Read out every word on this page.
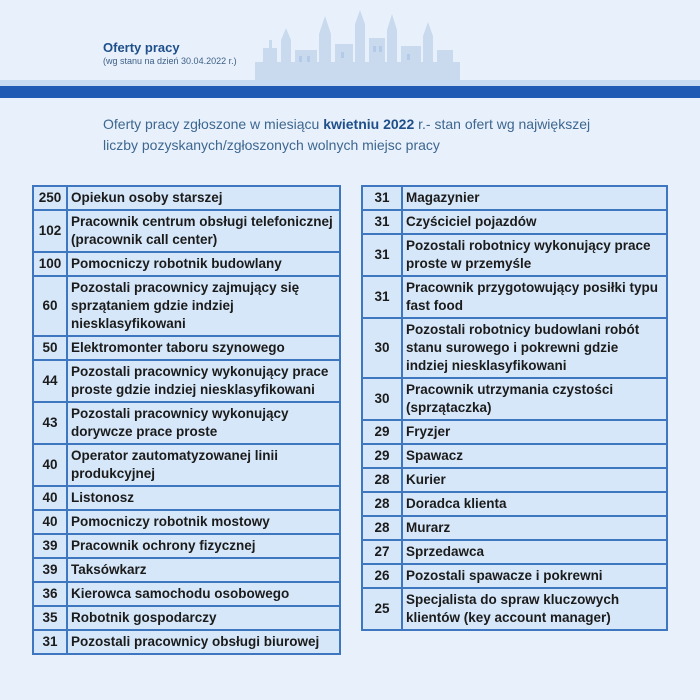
Oferty pracy
(wg stanu na dzień 30.04.2022 r.)
Oferty pracy zgłoszone w miesiącu kwietniu 2022 r.- stan ofert wg największej liczby pozyskanych/zgłoszonych wolnych miejsc pracy
250	Opiekun osoby starszej
102	Pracownik centrum obsługi telefonicznej (pracownik call center)
100	Pomocniczy robotnik budowlany
60	Pozostali pracownicy zajmujący się sprzątaniem gdzie indziej niesklasyfikowani
50	Elektromonter taboru szynowego
44	Pozostali pracownicy wykonujący prace proste gdzie indziej niesklasyfikowani
43	Pozostali pracownicy wykonujący dorywcze prace proste
40	Operator zautomatyzowanej linii produkcyjnej
40	Listonosz
40	Pomocniczy robotnik mostowy
39	Pracownik ochrony fizycznej
39	Taksówkarz
36	Kierowca samochodu osobowego
35	Robotnik gospodarczy
31	Pozostali pracownicy obsługi biurowej
31	Magazynier
31	Czyściciel pojazdów
31	Pozostali robotnicy wykonujący prace proste w przemyśle
31	Pracownik przygotowujący posiłki typu fast food
30	Pozostali robotnicy budowlani robót stanu surowego i pokrewni gdzie indziej niesklasyfikowani
30	Pracownik utrzymania czystości (sprzątaczka)
29	Fryzjer
29	Spawacz
28	Kurier
28	Doradca klienta
28	Murarz
27	Sprzedawca
26	Pozostali spawacze i pokrewni
25	Specjalista do spraw kluczowych klientów (key account manager)
